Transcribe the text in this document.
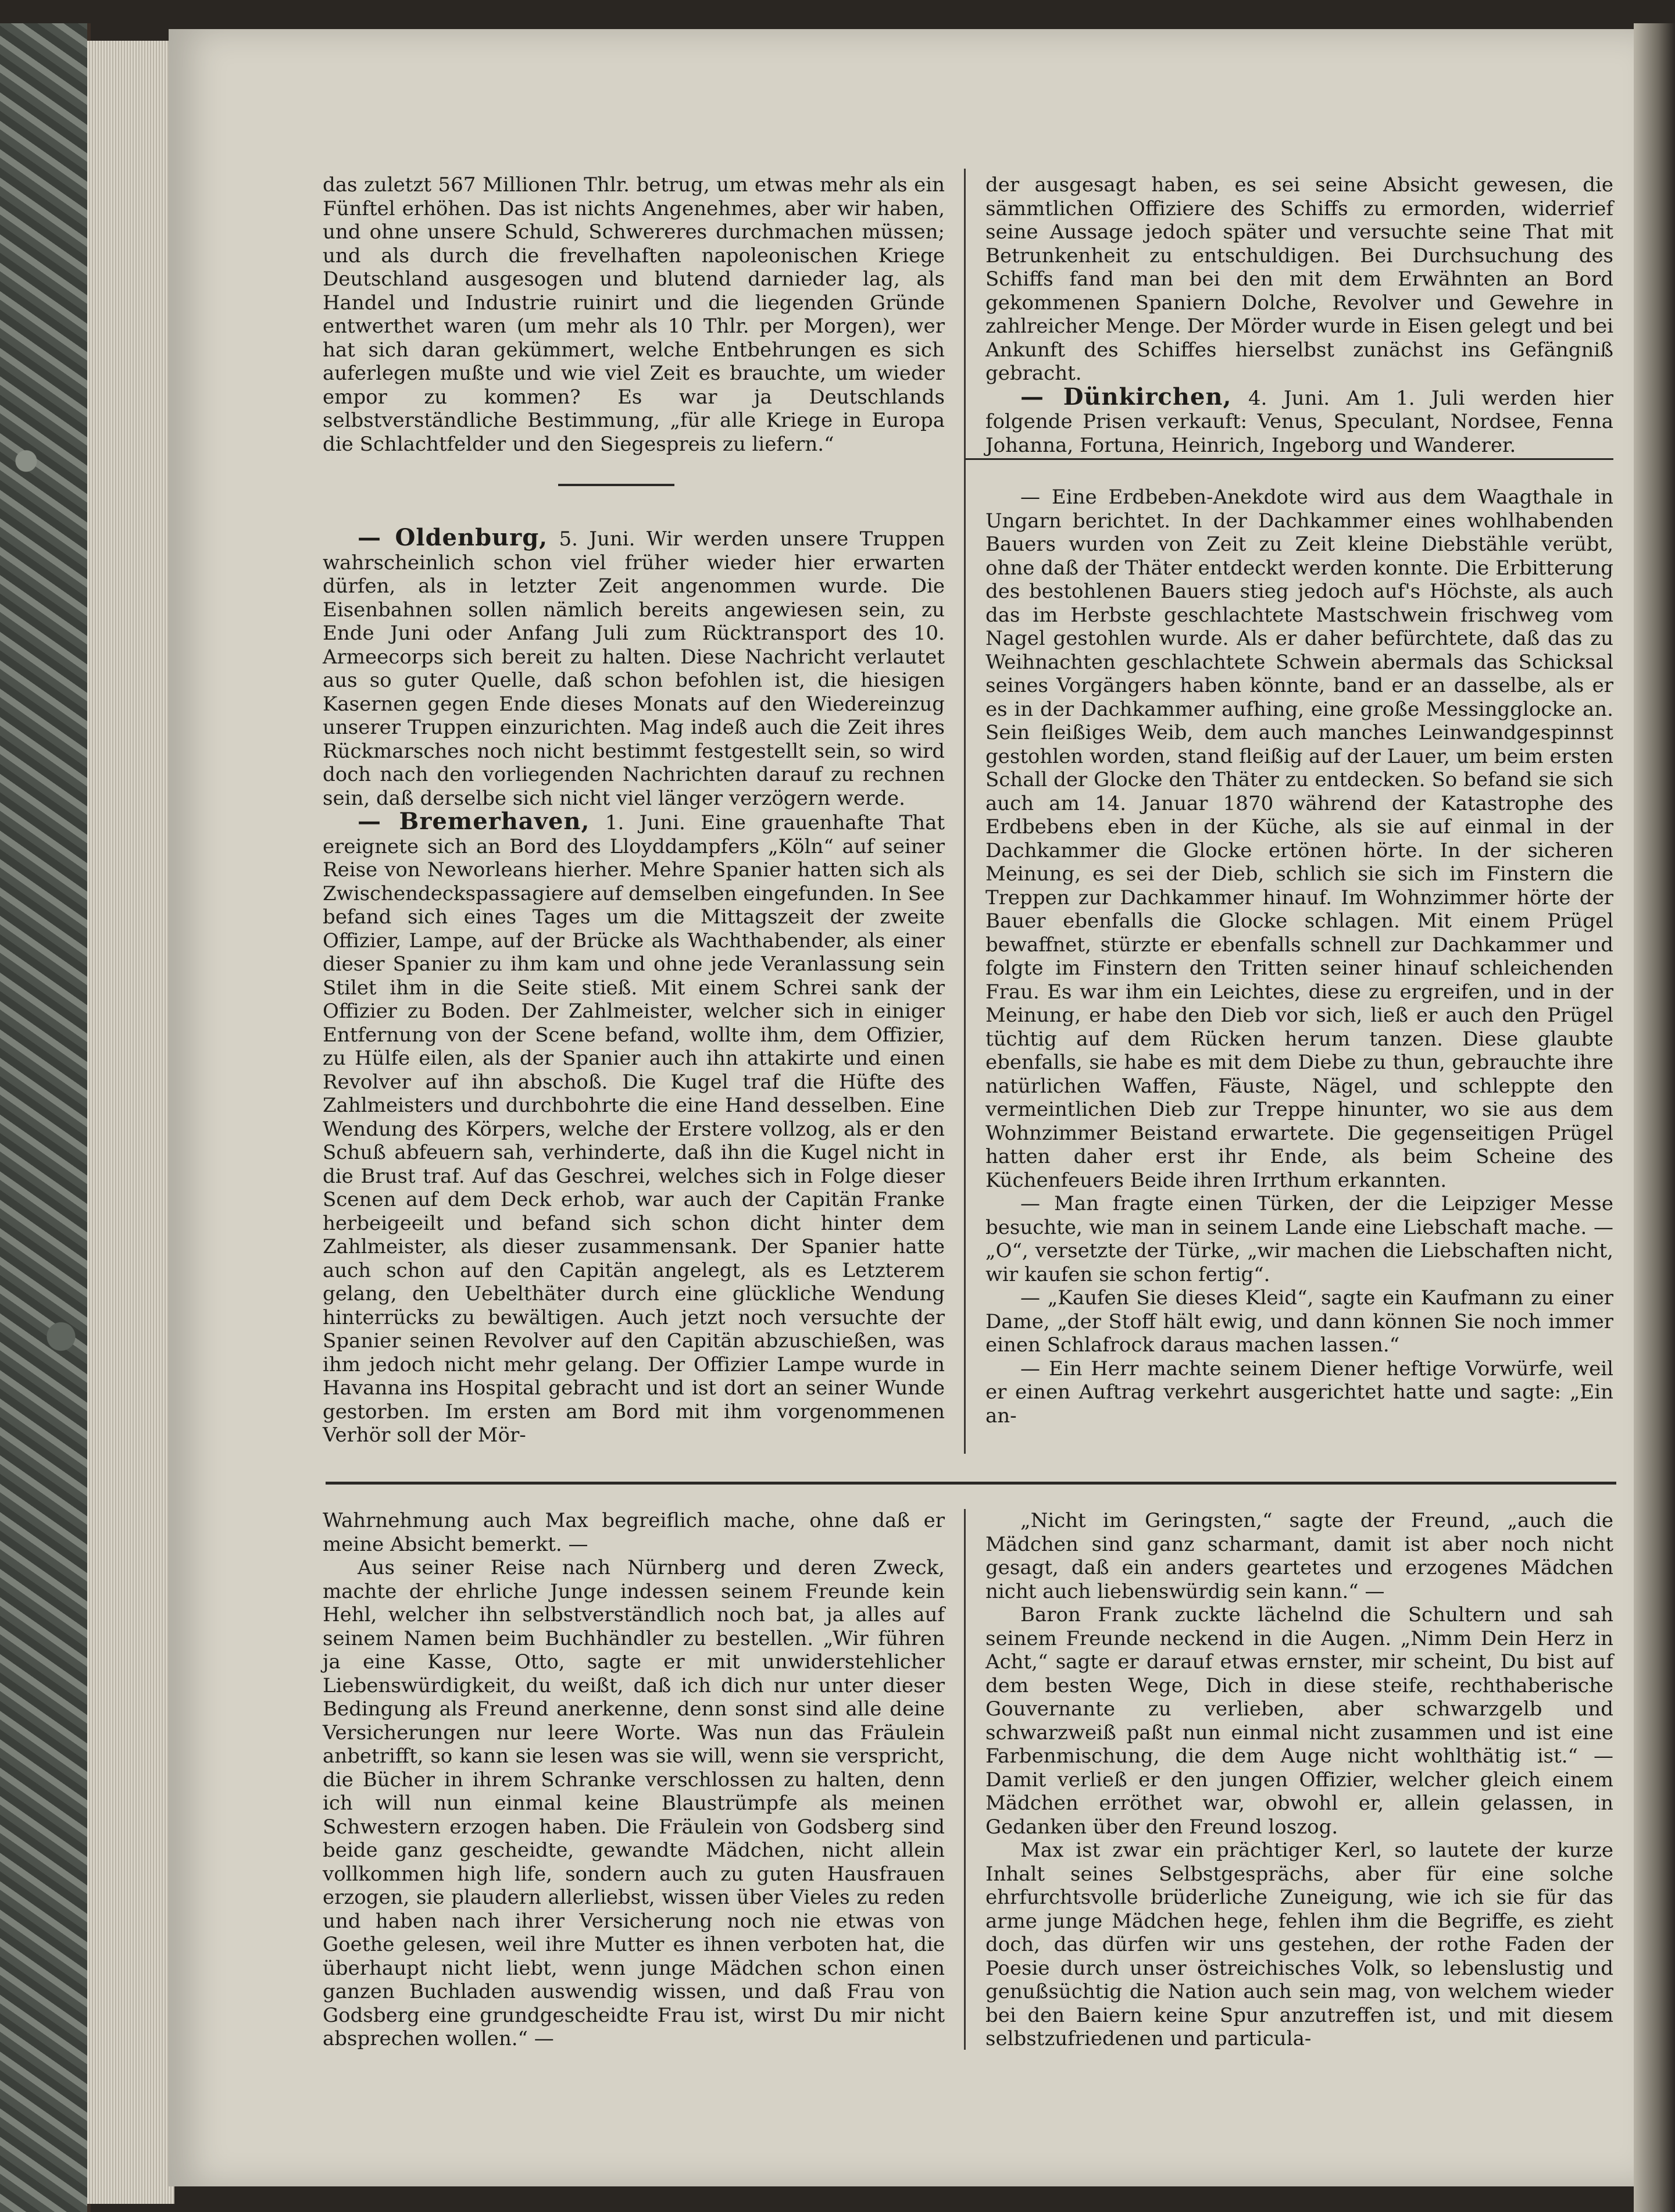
das zuletzt 567 Millionen Thlr. betrug, um etwas mehr als ein Fünftel erhöhen. Das ist nichts Angenehmes, aber wir haben, und ohne unsere Schuld, Schwereres durchmachen müssen; und als durch die frevelhaften napoleonischen Kriege Deutschland ausgesogen und blutend darnieder lag, als Handel und Industrie ruinirt und die liegenden Gründe entwerthet waren (um mehr als 10 Thlr. per Morgen), wer hat sich daran gekümmert, welche Entbehrungen es sich auferlegen mußte und wie viel Zeit es brauchte, um wieder empor zu kommen? Es war ja Deutschlands selbstverständliche Bestimmung, „für alle Kriege in Europa die Schlachtfelder und den Siegespreis zu liefern.“

— Oldenburg, 5. Juni. Wir werden unsere Truppen wahrscheinlich schon viel früher wieder hier erwarten dürfen, als in letzter Zeit angenommen wurde. Die Eisenbahnen sollen nämlich bereits angewiesen sein, zu Ende Juni oder Anfang Juli zum Rücktransport des 10. Armeecorps sich bereit zu halten. Diese Nachricht verlautet aus so guter Quelle, daß schon befohlen ist, die hiesigen Kasernen gegen Ende dieses Monats auf den Wiedereinzug unserer Truppen einzurichten. Mag indeß auch die Zeit ihres Rückmarsches noch nicht bestimmt festgestellt sein, so wird doch nach den vorliegenden Nachrichten darauf zu rechnen sein, daß derselbe sich nicht viel länger verzögern werde.

— Bremerhaven, 1. Juni. Eine grauenhafte That ereignete sich an Bord des Lloyddampfers „Köln“ auf seiner Reise von Neworleans hierher. Mehre Spanier hatten sich als Zwischendeckspassagiere auf demselben eingefunden. In See befand sich eines Tages um die Mittagszeit der zweite Offizier, Lampe, auf der Brücke als Wachthabender, als einer dieser Spanier zu ihm kam und ohne jede Veranlassung sein Stilet ihm in die Seite stieß. Mit einem Schrei sank der Offizier zu Boden. Der Zahlmeister, welcher sich in einiger Entfernung von der Scene befand, wollte ihm, dem Offizier, zu Hülfe eilen, als der Spanier auch ihn attakirte und einen Revolver auf ihn abschoß. Die Kugel traf die Hüfte des Zahlmeisters und durchbohrte die eine Hand desselben. Eine Wendung des Körpers, welche der Erstere vollzog, als er den Schuß abfeuern sah, verhinderte, daß ihn die Kugel nicht in die Brust traf. Auf das Geschrei, welches sich in Folge dieser Scenen auf dem Deck erhob, war auch der Capitän Franke herbeigeeilt und befand sich schon dicht hinter dem Zahlmeister, als dieser zusammensank. Der Spanier hatte auch schon auf den Capitän angelegt, als es Letzterem gelang, den Uebelthäter durch eine glückliche Wendung hinterrücks zu bewältigen. Auch jetzt noch versuchte der Spanier seinen Revolver auf den Capitän abzuschießen, was ihm jedoch nicht mehr gelang. Der Offizier Lampe wurde in Havanna ins Hospital gebracht und ist dort an seiner Wunde gestorben. Im ersten am Bord mit ihm vorgenommenen Verhör soll der Mör-

der ausgesagt haben, es sei seine Absicht gewesen, die sämmtlichen Offiziere des Schiffs zu ermorden, widerrief seine Aussage jedoch später und versuchte seine That mit Betrunkenheit zu entschuldigen. Bei Durchsuchung des Schiffs fand man bei den mit dem Erwähnten an Bord gekommenen Spaniern Dolche, Revolver und Gewehre in zahlreicher Menge. Der Mörder wurde in Eisen gelegt und bei Ankunft des Schiffes hierselbst zunächst ins Gefängniß gebracht.

— Dünkirchen, 4. Juni. Am 1. Juli werden hier folgende Prisen verkauft: Venus, Speculant, Nordsee, Fenna Johanna, Fortuna, Heinrich, Ingeborg und Wanderer.

— Eine Erdbeben-Anekdote wird aus dem Waagthale in Ungarn berichtet. In der Dachkammer eines wohlhabenden Bauers wurden von Zeit zu Zeit kleine Diebstähle verübt, ohne daß der Thäter entdeckt werden konnte. Die Erbitterung des bestohlenen Bauers stieg jedoch auf's Höchste, als auch das im Herbste geschlachtete Mastschwein frischweg vom Nagel gestohlen wurde. Als er daher befürchtete, daß das zu Weihnachten geschlachtete Schwein abermals das Schicksal seines Vorgängers haben könnte, band er an dasselbe, als er es in der Dachkammer aufhing, eine große Messingglocke an. Sein fleißiges Weib, dem auch manches Leinwandgespinnst gestohlen worden, stand fleißig auf der Lauer, um beim ersten Schall der Glocke den Thäter zu entdecken. So befand sie sich auch am 14. Januar 1870 während der Katastrophe des Erdbebens eben in der Küche, als sie auf einmal in der Dachkammer die Glocke ertönen hörte. In der sicheren Meinung, es sei der Dieb, schlich sie sich im Finstern die Treppen zur Dachkammer hinauf. Im Wohnzimmer hörte der Bauer ebenfalls die Glocke schlagen. Mit einem Prügel bewaffnet, stürzte er ebenfalls schnell zur Dachkammer und folgte im Finstern den Tritten seiner hinauf schleichenden Frau. Es war ihm ein Leichtes, diese zu ergreifen, und in der Meinung, er habe den Dieb vor sich, ließ er auch den Prügel tüchtig auf dem Rücken herum tanzen. Diese glaubte ebenfalls, sie habe es mit dem Diebe zu thun, gebrauchte ihre natürlichen Waffen, Fäuste, Nägel, und schleppte den vermeintlichen Dieb zur Treppe hinunter, wo sie aus dem Wohnzimmer Beistand erwartete. Die gegenseitigen Prügel hatten daher erst ihr Ende, als beim Scheine des Küchenfeuers Beide ihren Irrthum erkannten.

— Man fragte einen Türken, der die Leipziger Messe besuchte, wie man in seinem Lande eine Liebschaft mache. — „O“, versetzte der Türke, „wir machen die Liebschaften nicht, wir kaufen sie schon fertig“.

— „Kaufen Sie dieses Kleid“, sagte ein Kaufmann zu einer Dame, „der Stoff hält ewig, und dann können Sie noch immer einen Schlafrock daraus machen lassen.“

— Ein Herr machte seinem Diener heftige Vorwürfe, weil er einen Auftrag verkehrt ausgerichtet hatte und sagte: „Ein an-

Wahrnehmung auch Max begreiflich mache, ohne daß er meine Absicht bemerkt. —

Aus seiner Reise nach Nürnberg und deren Zweck, machte der ehrliche Junge indessen seinem Freunde kein Hehl, welcher ihn selbstverständlich noch bat, ja alles auf seinem Namen beim Buchhändler zu bestellen. „Wir führen ja eine Kasse, Otto, sagte er mit unwiderstehlicher Liebenswürdigkeit, du weißt, daß ich dich nur unter dieser Bedingung als Freund anerkenne, denn sonst sind alle deine Versicherungen nur leere Worte. Was nun das Fräulein anbetrifft, so kann sie lesen was sie will, wenn sie verspricht, die Bücher in ihrem Schranke verschlossen zu halten, denn ich will nun einmal keine Blaustrümpfe als meinen Schwestern erzogen haben. Die Fräulein von Godsberg sind beide ganz gescheidte, gewandte Mädchen, nicht allein vollkommen high life, sondern auch zu guten Hausfrauen erzogen, sie plaudern allerliebst, wissen über Vieles zu reden und haben nach ihrer Versicherung noch nie etwas von Goethe gelesen, weil ihre Mutter es ihnen verboten hat, die überhaupt nicht liebt, wenn junge Mädchen schon einen ganzen Buchladen auswendig wissen, und daß Frau von Godsberg eine grundgescheidte Frau ist, wirst Du mir nicht absprechen wollen.“ —

„Nicht im Geringsten,“ sagte der Freund, „auch die Mädchen sind ganz scharmant, damit ist aber noch nicht gesagt, daß ein anders geartetes und erzogenes Mädchen nicht auch liebenswürdig sein kann.“ —

Baron Frank zuckte lächelnd die Schultern und sah seinem Freunde neckend in die Augen. „Nimm Dein Herz in Acht,“ sagte er darauf etwas ernster, mir scheint, Du bist auf dem besten Wege, Dich in diese steife, rechthaberische Gouvernante zu verlieben, aber schwarzgelb und schwarzweiß paßt nun einmal nicht zusammen und ist eine Farbenmischung, die dem Auge nicht wohlthätig ist.“ — Damit verließ er den jungen Offizier, welcher gleich einem Mädchen erröthet war, obwohl er, allein gelassen, in Gedanken über den Freund loszog.

Max ist zwar ein prächtiger Kerl, so lautete der kurze Inhalt seines Selbstgesprächs, aber für eine solche ehrfurchtsvolle brüderliche Zuneigung, wie ich sie für das arme junge Mädchen hege, fehlen ihm die Begriffe, es zieht doch, das dürfen wir uns gestehen, der rothe Faden der Poesie durch unser östreichisches Volk, so lebenslustig und genußsüchtig die Nation auch sein mag, von welchem wieder bei den Baiern keine Spur anzutreffen ist, und mit diesem selbstzufriedenen und particula-
